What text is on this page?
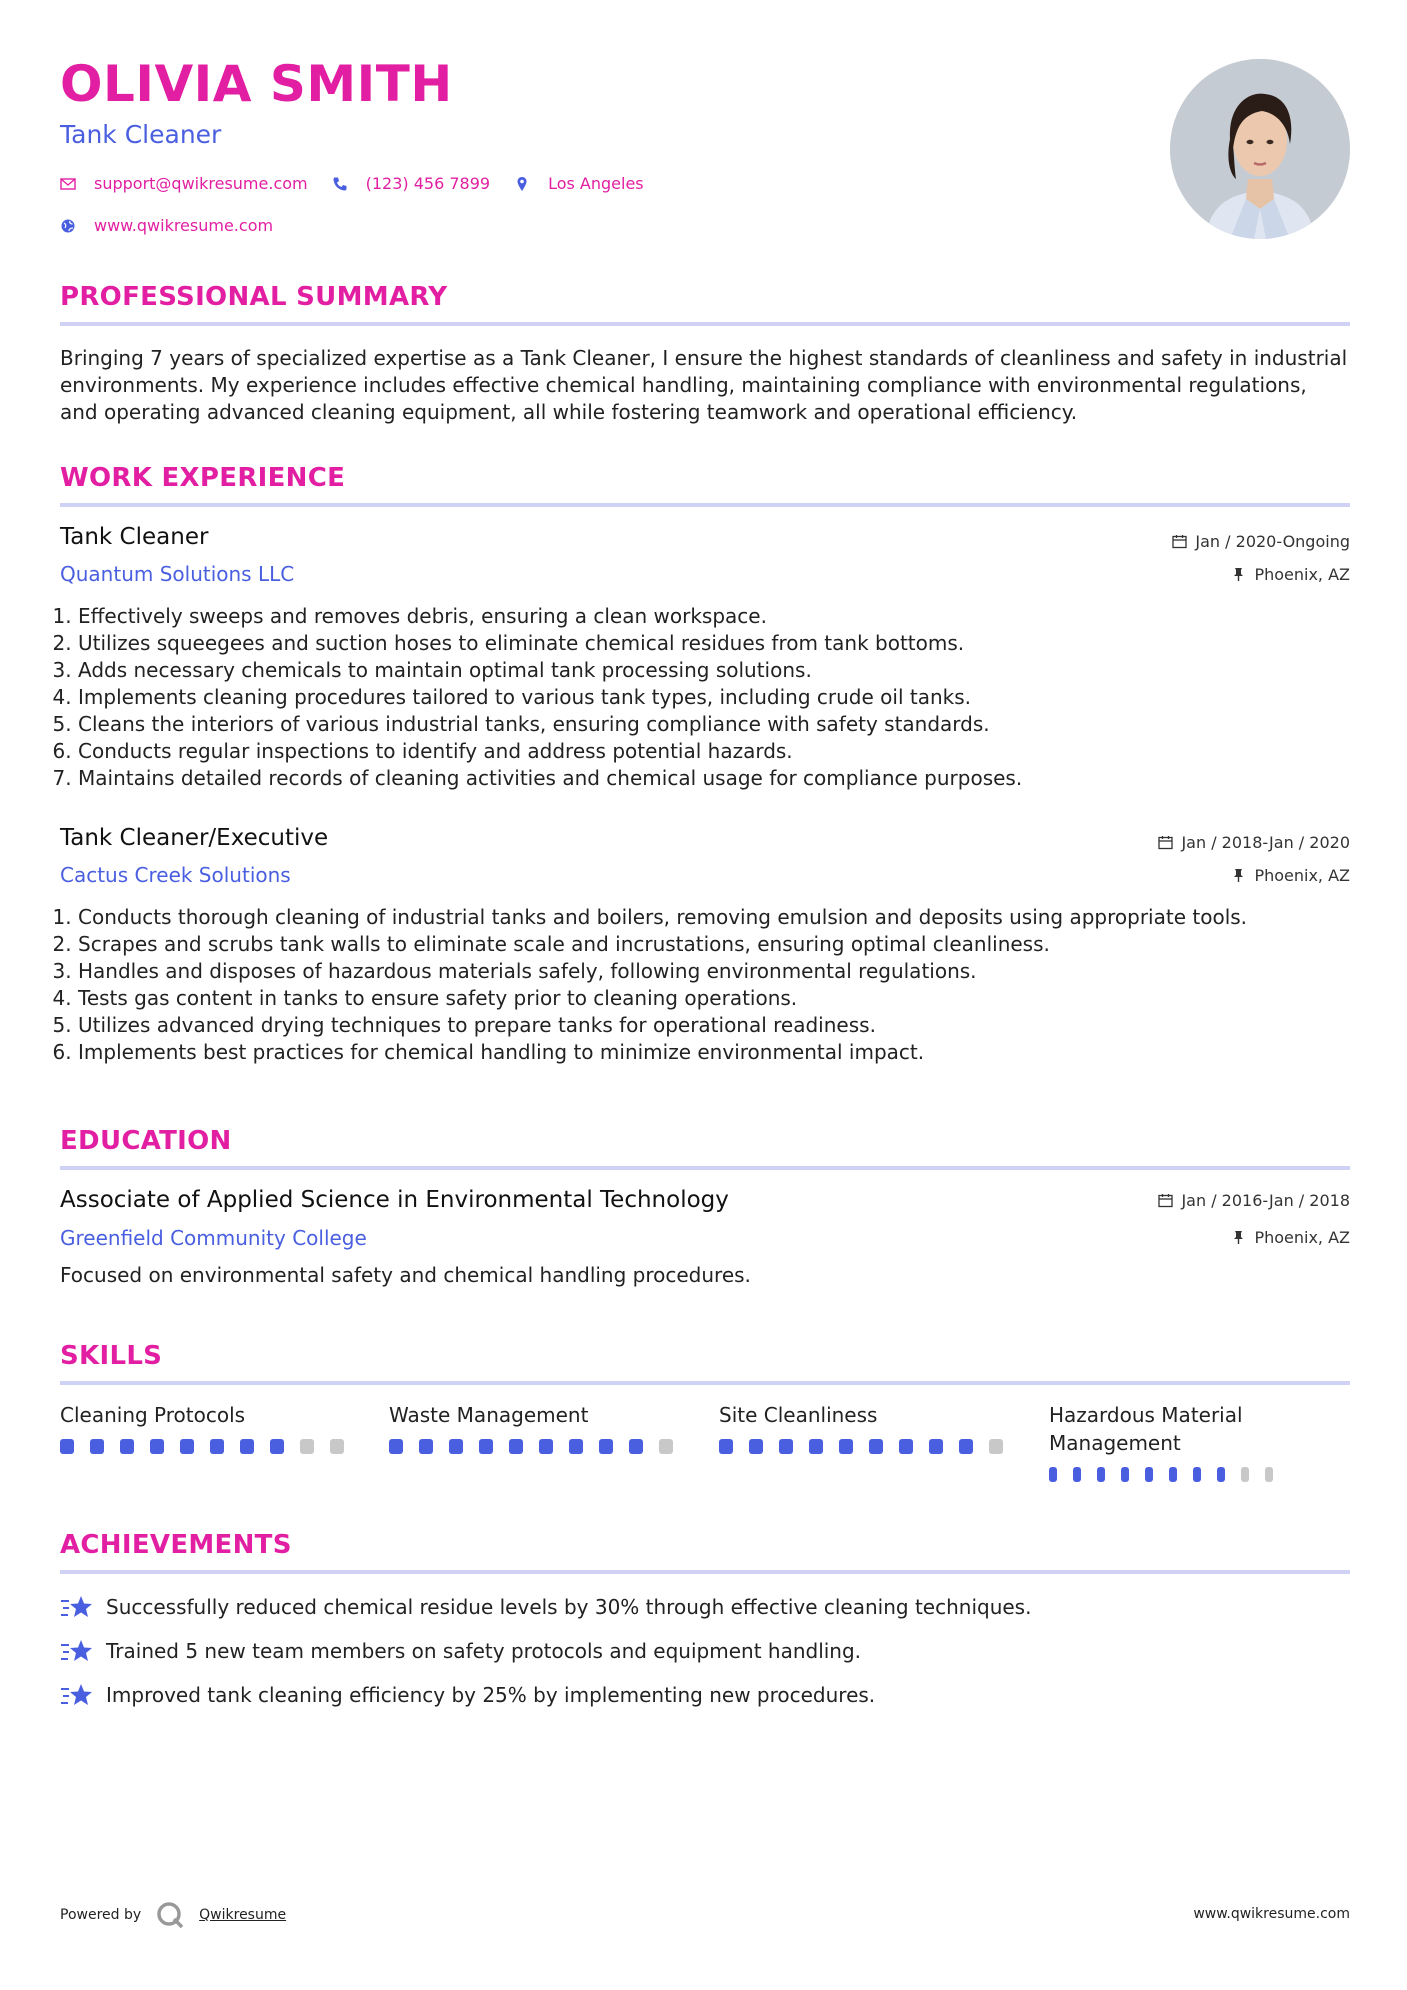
OLIVIA SMITH
Tank Cleaner
support@qwikresume.com	(123) 456 7899	Los Angeles
www.qwikresume.com
PROFESSIONAL SUMMARY
Bringing 7 years of specialized expertise as a Tank Cleaner, I ensure the highest standards of cleanliness and safety in industrial environments. My experience includes effective chemical handling, maintaining compliance with environmental regulations, and operating advanced cleaning equipment, all while fostering teamwork and operational efficiency.
WORK EXPERIENCE
Tank Cleaner
Quantum Solutions LLC
Jan / 2020-Ongoing
Phoenix, AZ
1. Effectively sweeps and removes debris, ensuring a clean workspace.
2. Utilizes squeegees and suction hoses to eliminate chemical residues from tank bottoms.
3. Adds necessary chemicals to maintain optimal tank processing solutions.
4. Implements cleaning procedures tailored to various tank types, including crude oil tanks.
5. Cleans the interiors of various industrial tanks, ensuring compliance with safety standards.
6. Conducts regular inspections to identify and address potential hazards.
7. Maintains detailed records of cleaning activities and chemical usage for compliance purposes.
Tank Cleaner/Executive
Cactus Creek Solutions
Jan / 2018-Jan / 2020
Phoenix, AZ
1. Conducts thorough cleaning of industrial tanks and boilers, removing emulsion and deposits using appropriate tools.
2. Scrapes and scrubs tank walls to eliminate scale and incrustations, ensuring optimal cleanliness.
3. Handles and disposes of hazardous materials safely, following environmental regulations.
4. Tests gas content in tanks to ensure safety prior to cleaning operations.
5. Utilizes advanced drying techniques to prepare tanks for operational readiness.
6. Implements best practices for chemical handling to minimize environmental impact.
EDUCATION
Associate of Applied Science in Environmental Technology
Greenfield Community College
Jan / 2016-Jan / 2018
Phoenix, AZ
Focused on environmental safety and chemical handling procedures.
SKILLS
Cleaning Protocols	Waste Management	Site Cleanliness	Hazardous Material Management
ACHIEVEMENTS
Successfully reduced chemical residue levels by 30% through effective cleaning techniques.
Trained 5 new team members on safety protocols and equipment handling.
Improved tank cleaning efficiency by 25% by implementing new procedures.
Powered by	Qwikresume	www.qwikresume.com
